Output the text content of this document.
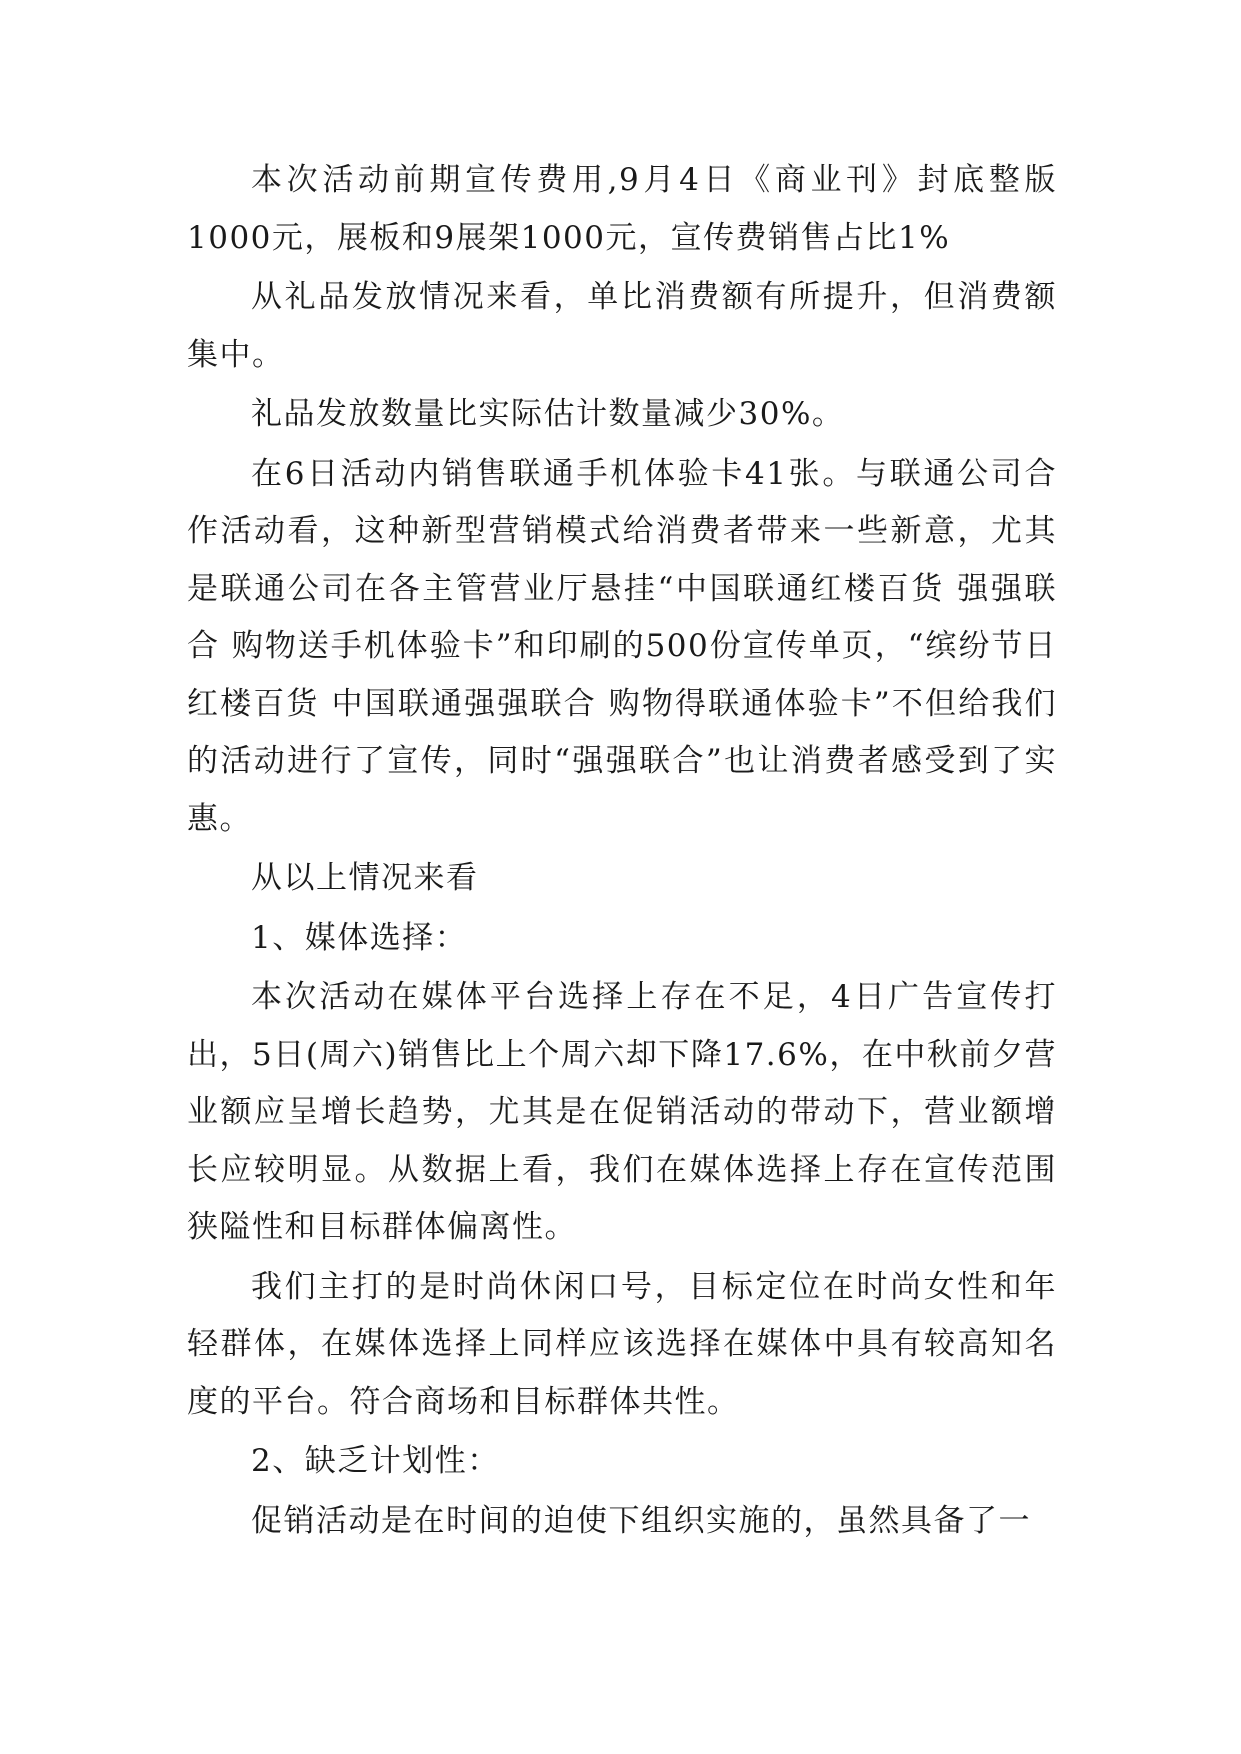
本次活动前期宣传费用,9月4日《商业刊》封底整版1000元，展板和9展架1000元，宣传费销售占比1%

从礼品发放情况来看，单比消费额有所提升，但消费额集中。

礼品发放数量比实际估计数量减少30%。

在6日活动内销售联通手机体验卡41张。与联通公司合作活动看，这种新型营销模式给消费者带来一些新意，尤其是联通公司在各主管营业厅悬挂“中国联通红楼百货 强强联合 购物送手机体验卡”和印刷的500份宣传单页，“缤纷节日 红楼百货 中国联通强强联合 购物得联通体验卡”不但给我们的活动进行了宣传，同时“强强联合”也让消费者感受到了实惠。

从以上情况来看

1、媒体选择：

本次活动在媒体平台选择上存在不足，4日广告宣传打出，5日(周六)销售比上个周六却下降17.6%，在中秋前夕营业额应呈增长趋势，尤其是在促销活动的带动下，营业额增长应较明显。从数据上看，我们在媒体选择上存在宣传范围狭隘性和目标群体偏离性。

我们主打的是时尚休闲口号，目标定位在时尚女性和年轻群体，在媒体选择上同样应该选择在媒体中具有较高知名度的平台。符合商场和目标群体共性。

2、缺乏计划性：

促销活动是在时间的迫使下组织实施的，虽然具备了一
